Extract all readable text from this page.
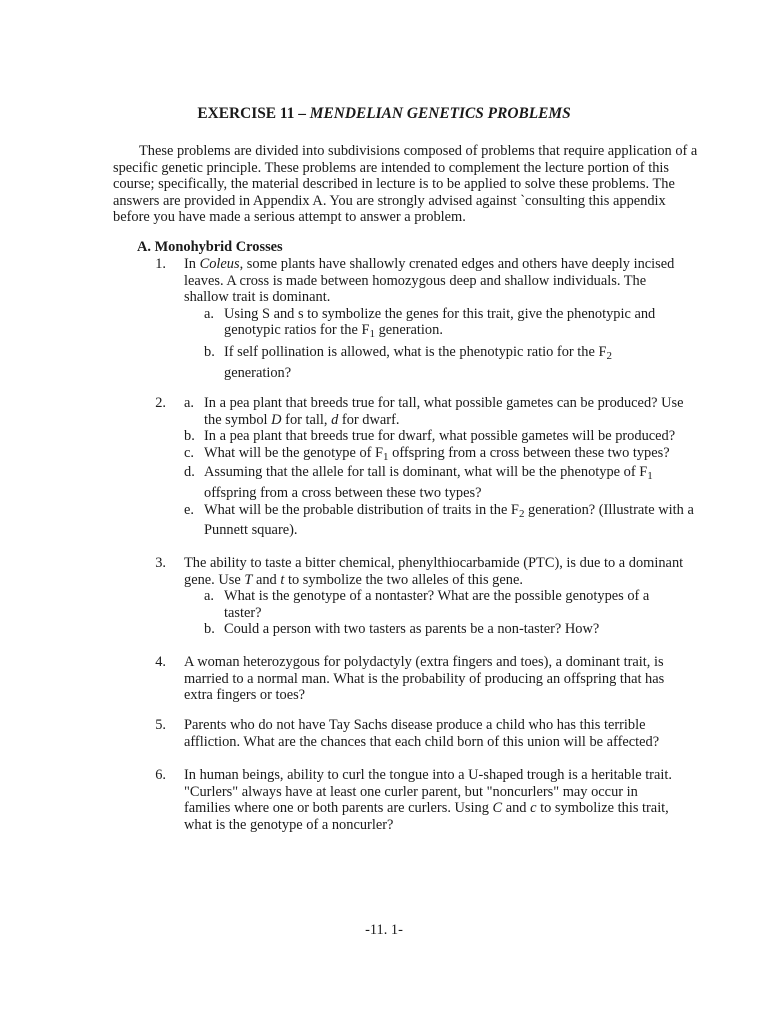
EXERCISE 11 – MENDELIAN GENETICS PROBLEMS

These problems are divided into subdivisions composed of problems that require application of a

specific genetic principle. These problems are intended to complement the lecture portion of this

course; specifically, the material described in lecture is to be applied to solve these problems. The

answers are provided in Appendix A. You are strongly advised against `consulting this appendix

before you have made a serious attempt to answer a problem.

A. Monohybrid Crosses
1. In Coleus, some plants have shallowly crenated edges and others have deeply incised

leaves. A cross is made between homozygous deep and shallow individuals. The

shallow trait is dominant.

a. Using S and s to symbolize the genes for this trait, give the phenotypic and

genotypic ratios for the $F_1$ generation.

b. If self pollination is allowed, what is the phenotypic ratio for the $F_2$

generation?

2. a. In a pea plant that breeds true for tall, what possible gametes can be produced? Use

the symbol D for tall, d for dwarf.

b. In a pea plant that breeds true for dwarf, what possible gametes will be produced?

c. What will be the genotype of $F_1$ offspring from a cross between these two types?

d. Assuming that the allele for tall is dominant, what will be the phenotype of $F_1$

offspring from a cross between these two types?

e. What will be the probable distribution of traits in the $F_2$ generation? (Illustrate with a

Punnett square).

3. The ability to taste a bitter chemical, phenylthiocarbamide (PTC), is due to a dominant

gene. Use T and t to symbolize the two alleles of this gene.

a. What is the genotype of a nontaster? What are the possible genotypes of a

taster?

b. Could a person with two tasters as parents be a non-taster? How?

4. A woman heterozygous for polydactyly (extra fingers and toes), a dominant trait, is

married to a normal man. What is the probability of producing an offspring that has

extra fingers or toes?

5. Parents who do not have Tay Sachs disease produce a child who has this terrible

affliction. What are the chances that each child born of this union will be affected?

6. In human beings, ability to curl the tongue into a U-shaped trough is a heritable trait.

"Curlers" always have at least one curler parent, but "noncurlers" may occur in

families where one or both parents are curlers. Using C and c to symbolize this trait,

what is the genotype of a noncurler?

-11. 1-
